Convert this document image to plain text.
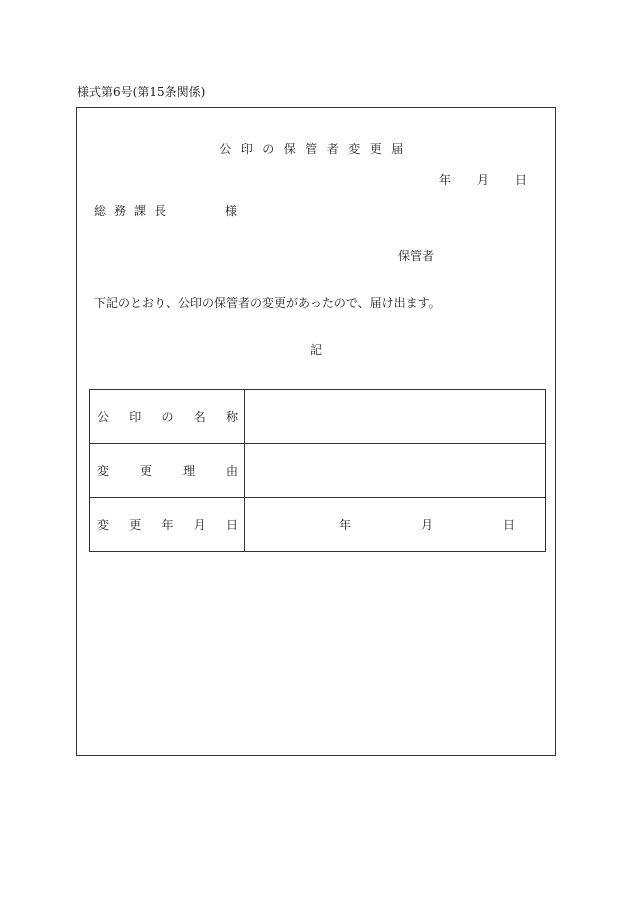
様式第6号(第15条関係)
公印の保管者変更届
年 月 日
総務課長	様
保管者
下記のとおり、公印の保管者の変更があったので、届け出ます。
記
公 印 の 名 称	

変 更 理 由	

変 更 年 月 日	年 月 日
